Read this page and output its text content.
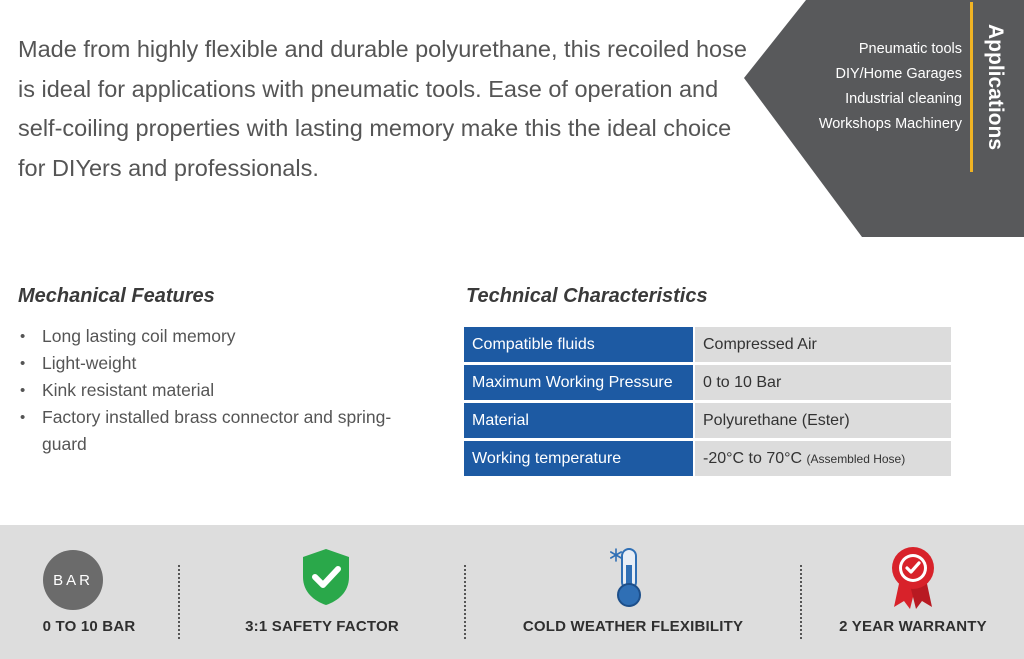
Made from highly flexible and durable polyurethane, this recoiled hose is ideal for applications with pneumatic tools. Ease of operation and self-coiling properties with lasting memory make this the ideal choice for DIYers and professionals.

Pneumatic tools
DIY/Home Garages
Industrial cleaning
Workshops Machinery Applications
Mechanical Features
• Long lasting coil memory
• Light-weight
• Kink resistant material
• Factory installed brass connector and spring-guard
Technical Characteristics
Compatible fluids	Compressed Air
Maximum Working Pressure	0 to 10 Bar
Material	Polyurethane (Ester)
Working temperature	-20°C to 70°C (Assembled Hose)
BAR
0 TO 10 BAR	3:1 SAFETY FACTOR	COLD WEATHER FLEXIBILITY	2 YEAR WARRANTY
